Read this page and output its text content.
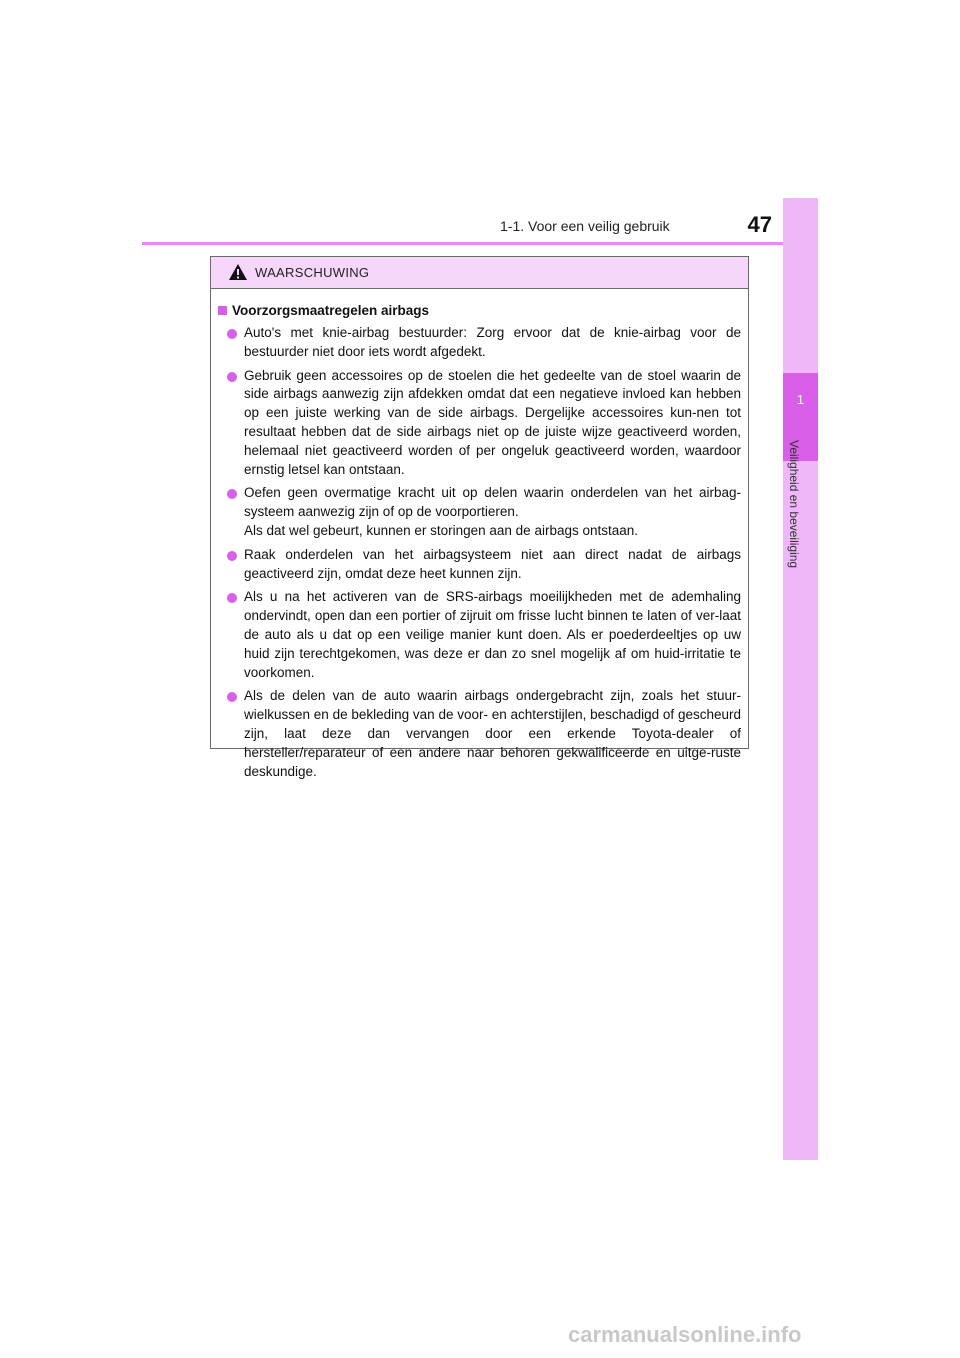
1-1. Voor een veilig gebruik	47
1
Veiligheid en beveiliging
WAARSCHUWING
Voorzorgsmaatregelen airbags

Auto's met knie-airbag bestuurder: Zorg ervoor dat de knie-airbag voor de bestuurder niet door iets wordt afgedekt.

Gebruik geen accessoires op de stoelen die het gedeelte van de stoel waarin de side airbags aanwezig zijn afdekken omdat dat een negatieve invloed kan hebben op een juiste werking van de side airbags. Dergelijke accessoires kun-nen tot resultaat hebben dat de side airbags niet op de juiste wijze geactiveerd worden, helemaal niet geactiveerd worden of per ongeluk geactiveerd worden, waardoor ernstig letsel kan ontstaan.

Oefen geen overmatige kracht uit op delen waarin onderdelen van het airbag-systeem aanwezig zijn of op de voorportieren.

Als dat wel gebeurt, kunnen er storingen aan de airbags ontstaan.

Raak onderdelen van het airbagsysteem niet aan direct nadat de airbags geactiveerd zijn, omdat deze heet kunnen zijn.

Als u na het activeren van de SRS-airbags moeilijkheden met de ademhaling ondervindt, open dan een portier of zijruit om frisse lucht binnen te laten of ver-laat de auto als u dat op een veilige manier kunt doen. Als er poederdeeltjes op uw huid zijn terechtgekomen, was deze er dan zo snel mogelijk af om huid-irritatie te voorkomen.

Als de delen van de auto waarin airbags ondergebracht zijn, zoals het stuur-wielkussen en de bekleding van de voor- en achterstijlen, beschadigd of gescheurd zijn, laat deze dan vervangen door een erkende Toyota-dealer of hersteller/reparateur of een andere naar behoren gekwalificeerde en uitge-ruste deskundige.

carmanualsonline.info
